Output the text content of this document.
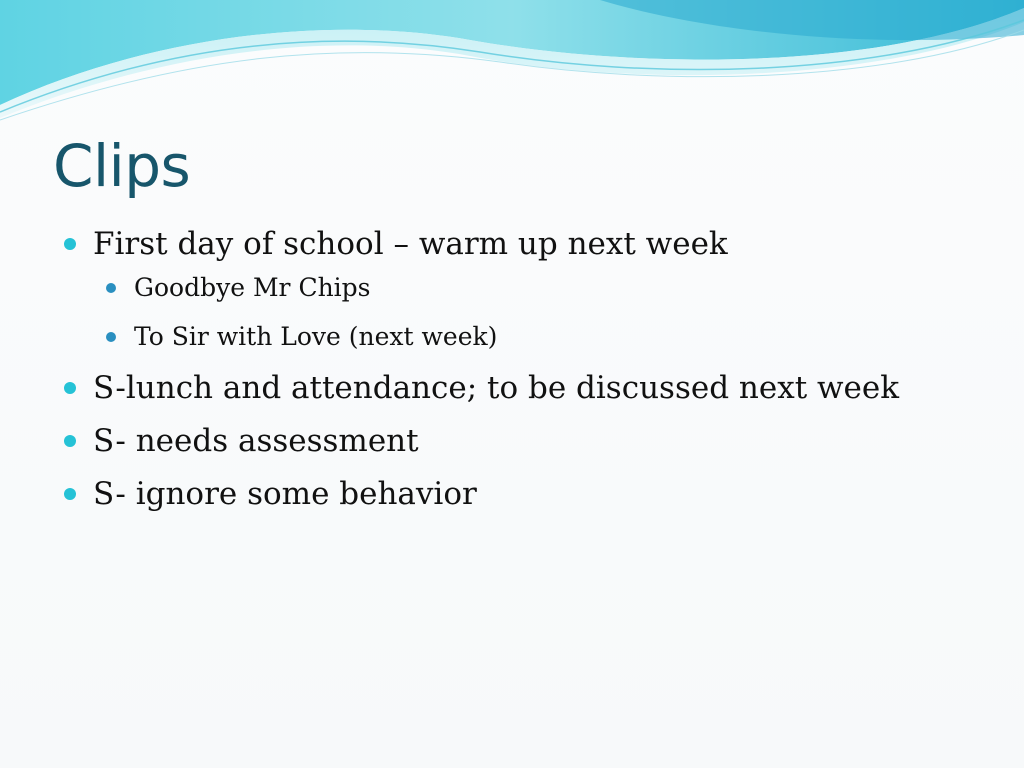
Clips
First day of school – warm up next week
Goodbye Mr Chips
To Sir with Love (next week)
S-lunch and attendance; to be discussed next week
S- needs assessment
S- ignore some behavior
